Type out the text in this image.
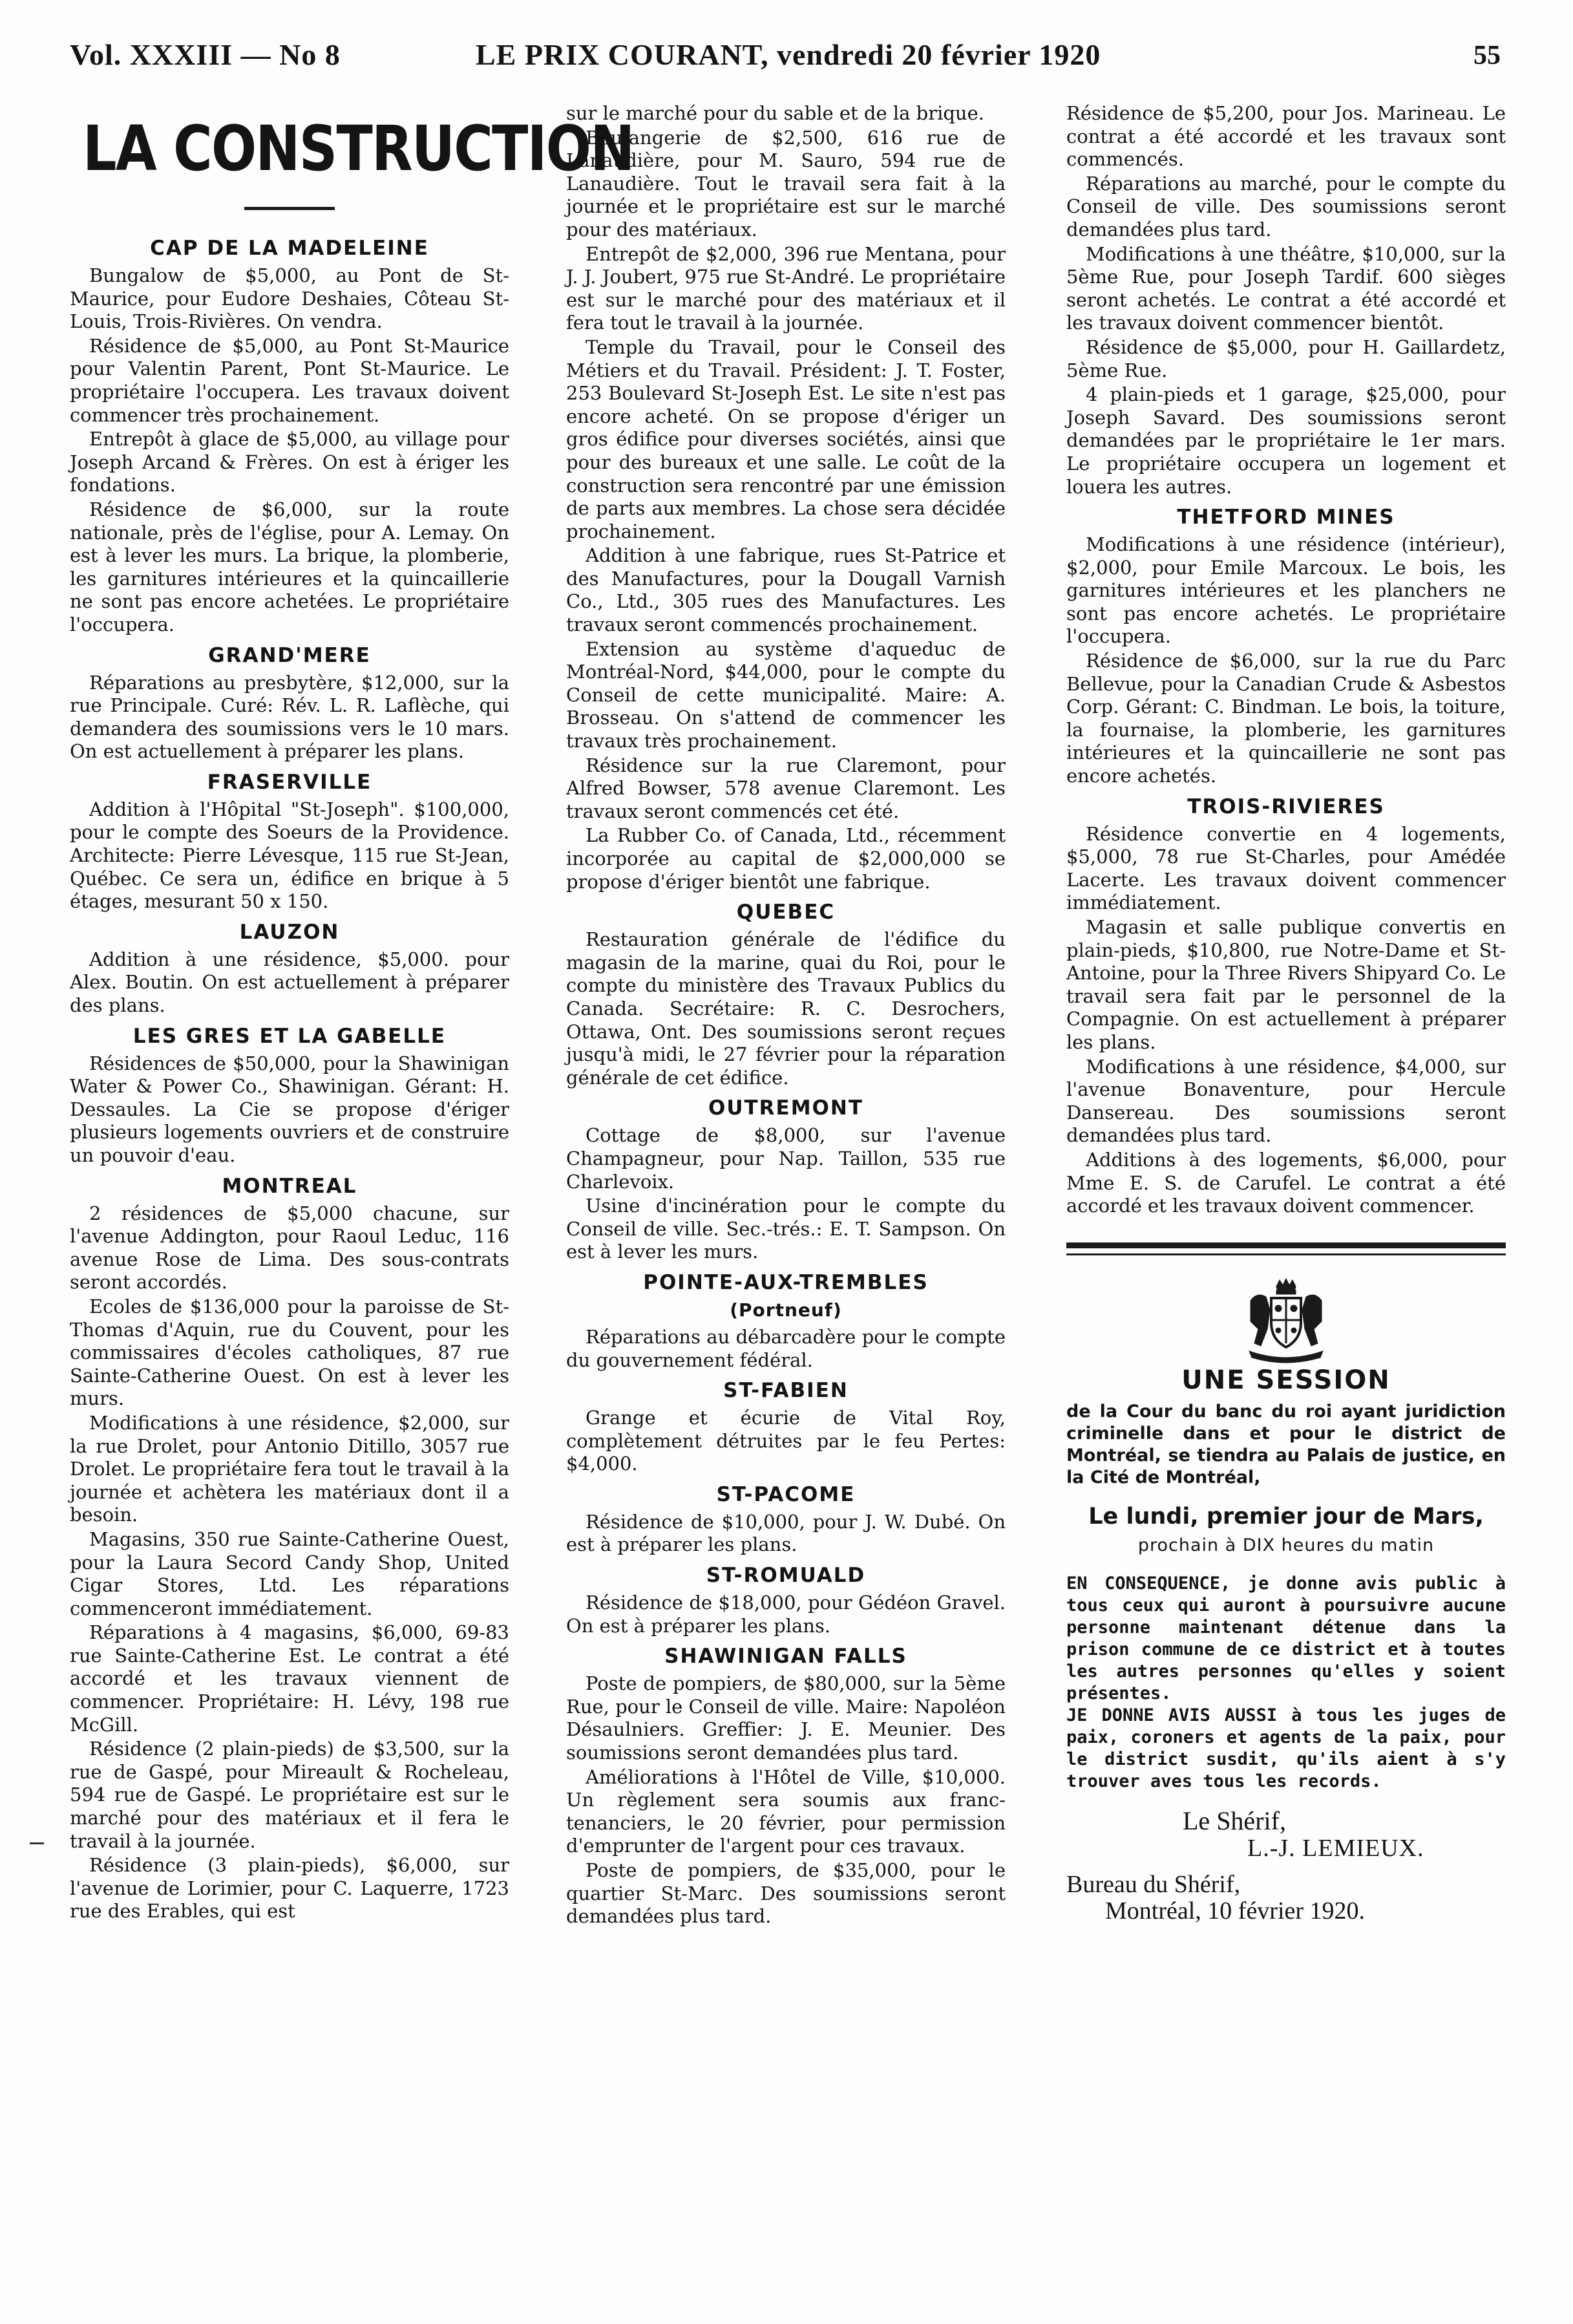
Vol. XXXIII — No 8	LE PRIX COURANT, vendredi 20 février 1920	55
LA CONSTRUCTION
CAP DE LA MADELEINE

Bungalow de $5,000, au Pont de St-Maurice, pour Eudore Deshaies, Côteau St-Louis, Trois-Rivières. On vendra.

Résidence de $5,000, au Pont St-Maurice pour Valentin Parent, Pont St-Maurice. Le propriétaire l'occupera. Les travaux doivent commencer très prochainement.

Entrepôt à glace de $5,000, au village pour Joseph Arcand & Frères. On est à ériger les fondations.

Résidence de $6,000, sur la route nationale, près de l'église, pour A. Lemay. On est à lever les murs. La brique, la plomberie, les garnitures intérieures et la quincaillerie ne sont pas encore achetées. Le propriétaire l'occupera.

GRAND'MERE

Réparations au presbytère, $12,000, sur la rue Principale. Curé: Rév. L. R. Laflèche, qui demandera des soumissions vers le 10 mars. On est actuellement à préparer les plans.

FRASERVILLE

Addition à l'Hôpital "St-Joseph". $100,000, pour le compte des Soeurs de la Providence. Architecte: Pierre Lévesque, 115 rue St-Jean, Québec. Ce sera un, édifice en brique à 5 étages, mesurant 50 x 150.

LAUZON

Addition à une résidence, $5,000. pour Alex. Boutin. On est actuellement à préparer des plans.

LES GRES ET LA GABELLE

Résidences de $50,000, pour la Shawinigan Water & Power Co., Shawinigan. Gérant: H. Dessaules. La Cie se propose d'ériger plusieurs logements ouvriers et de construire un pouvoir d'eau.

MONTREAL

2 résidences de $5,000 chacune, sur l'avenue Addington, pour Raoul Leduc, 116 avenue Rose de Lima. Des sous-contrats seront accordés.

Ecoles de $136,000 pour la paroisse de St-Thomas d'Aquin, rue du Couvent, pour les commissaires d'écoles catholiques, 87 rue Sainte-Catherine Ouest. On est à lever les murs.

Modifications à une résidence, $2,000, sur la rue Drolet, pour Antonio Ditillo, 3057 rue Drolet. Le propriétaire fera tout le travail à la journée et achètera les matériaux dont il a besoin.

Magasins, 350 rue Sainte-Catherine Ouest, pour la Laura Secord Candy Shop, United Cigar Stores, Ltd. Les réparations commenceront immédiatement.

Réparations à 4 magasins, $6,000, 69-83 rue Sainte-Catherine Est. Le contrat a été accordé et les travaux viennent de commencer. Propriétaire: H. Lévy, 198 rue McGill.

Résidence (2 plain-pieds) de $3,500, sur la rue de Gaspé, pour Mireault & Rocheleau, 594 rue de Gaspé. Le propriétaire est sur le marché pour des matériaux et il fera le travail à la journée.

Résidence (3 plain-pieds), $6,000, sur l'avenue de Lorimier, pour C. Laquerre, 1723 rue des Erables, qui est

sur le marché pour du sable et de la brique.

Boulangerie de $2,500, 616 rue de Lanaudière, pour M. Sauro, 594 rue de Lanaudière. Tout le travail sera fait à la journée et le propriétaire est sur le marché pour des matériaux.

Entrepôt de $2,000, 396 rue Mentana, pour J. J. Joubert, 975 rue St-André. Le propriétaire est sur le marché pour des matériaux et il fera tout le travail à la journée.

Temple du Travail, pour le Conseil des Métiers et du Travail. Président: J. T. Foster, 253 Boulevard St-Joseph Est. Le site n'est pas encore acheté. On se propose d'ériger un gros édifice pour diverses sociétés, ainsi que pour des bureaux et une salle. Le coût de la construction sera rencontré par une émission de parts aux membres. La chose sera décidée prochainement.

Addition à une fabrique, rues St-Patrice et des Manufactures, pour la Dougall Varnish Co., Ltd., 305 rues des Manufactures. Les travaux seront commencés prochainement.

Extension au système d'aqueduc de Montréal-Nord, $44,000, pour le compte du Conseil de cette municipalité. Maire: A. Brosseau. On s'attend de commencer les travaux très prochainement.

Résidence sur la rue Claremont, pour Alfred Bowser, 578 avenue Claremont. Les travaux seront commencés cet été.

La Rubber Co. of Canada, Ltd., récemment incorporée au capital de $2,000,000 se propose d'ériger bientôt une fabrique.

QUEBEC

Restauration générale de l'édifice du magasin de la marine, quai du Roi, pour le compte du ministère des Travaux Publics du Canada. Secrétaire: R. C. Desrochers, Ottawa, Ont. Des soumissions seront reçues jusqu'à midi, le 27 février pour la réparation générale de cet édifice.

OUTREMONT

Cottage de $8,000, sur l'avenue Champagneur, pour Nap. Taillon, 535 rue Charlevoix.

Usine d'incinération pour le compte du Conseil de ville. Sec.-trés.: E. T. Sampson. On est à lever les murs.

POINTE-AUX-TREMBLES
(Portneuf)

Réparations au débarcadère pour le compte du gouvernement fédéral.

ST-FABIEN

Grange et écurie de Vital Roy, complètement détruites par le feu Pertes: $4,000.

ST-PACOME

Résidence de $10,000, pour J. W. Dubé. On est à préparer les plans.

ST-ROMUALD

Résidence de $18,000, pour Gédéon Gravel. On est à préparer les plans.

SHAWINIGAN FALLS

Poste de pompiers, de $80,000, sur la 5ème Rue, pour le Conseil de ville. Maire: Napoléon Désaulniers. Greffier: J. E. Meunier. Des soumissions seront demandées plus tard.

Améliorations à l'Hôtel de Ville, $10,000. Un règlement sera soumis aux franc-tenanciers, le 20 février, pour permission d'emprunter de l'argent pour ces travaux.

Poste de pompiers, de $35,000, pour le quartier St-Marc. Des soumissions seront demandées plus tard.

Résidence de $5,200, pour Jos. Marineau. Le contrat a été accordé et les travaux sont commencés.

Réparations au marché, pour le compte du Conseil de ville. Des soumissions seront demandées plus tard.

Modifications à une théâtre, $10,000, sur la 5ème Rue, pour Joseph Tardif. 600 sièges seront achetés. Le contrat a été accordé et les travaux doivent commencer bientôt.

Résidence de $5,000, pour H. Gaillardetz, 5ème Rue.

4 plain-pieds et 1 garage, $25,000, pour Joseph Savard. Des soumissions seront demandées par le propriétaire le 1er mars. Le propriétaire occupera un logement et louera les autres.

THETFORD MINES

Modifications à une résidence (intérieur), $2,000, pour Emile Marcoux. Le bois, les garnitures intérieures et les planchers ne sont pas encore achetés. Le propriétaire l'occupera.

Résidence de $6,000, sur la rue du Parc Bellevue, pour la Canadian Crude & Asbestos Corp. Gérant: C. Bindman. Le bois, la toiture, la fournaise, la plomberie, les garnitures intérieures et la quincaillerie ne sont pas encore achetés.

TROIS-RIVIERES

Résidence convertie en 4 logements, $5,000, 78 rue St-Charles, pour Amédée Lacerte. Les travaux doivent commencer immédiatement.

Magasin et salle publique convertis en plain-pieds, $10,800, rue Notre-Dame et St-Antoine, pour la Three Rivers Shipyard Co. Le travail sera fait par le personnel de la Compagnie. On est actuellement à préparer les plans.

Modifications à une résidence, $4,000, sur l'avenue Bonaventure, pour Hercule Dansereau. Des soumissions seront demandées plus tard.

Additions à des logements, $6,000, pour Mme E. S. de Carufel. Le contrat a été accordé et les travaux doivent commencer.

UNE SESSION
de la Cour du banc du roi ayant juridiction criminelle dans et pour le district de Montréal, se tiendra au Palais de justice, en la Cité de Montréal,
Le lundi, premier jour de Mars,
prochain à DIX heures du matin

EN CONSEQUENCE, je donne avis public à tous ceux qui auront à poursuivre aucune personne maintenant détenue dans la prison commune de ce district et à toutes les autres personnes qu'elles y soient présentes.

JE DONNE AVIS AUSSI à tous les juges de paix, coroners et agents de la paix, pour le district susdit, qu'ils aient à s'y trouver aves tous les records.

Le Shérif,
L.-J. LEMIEUX.
Bureau du Shérif,
Montréal, 10 février 1920.
